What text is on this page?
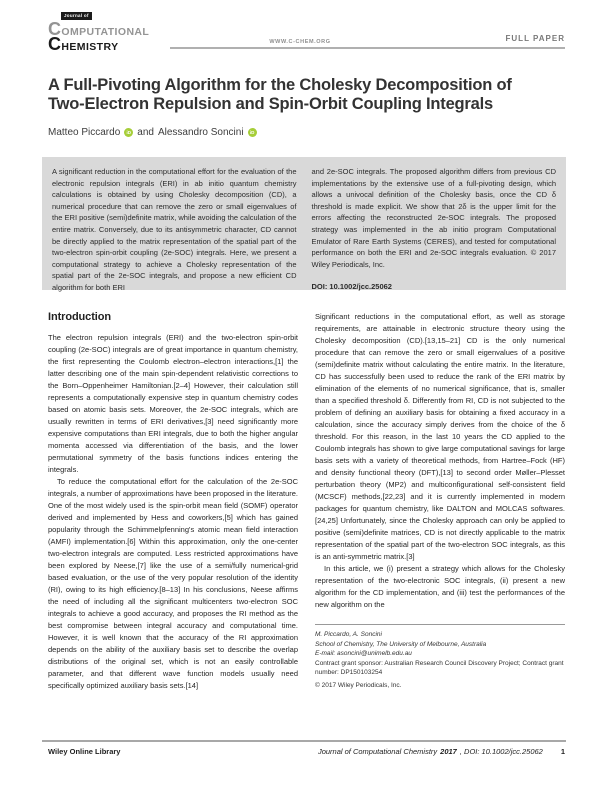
Journal of
COMPUTATIONAL
CHEMISTRY	WWW.C-CHEM.ORG	FULL PAPER
A Full-Pivoting Algorithm for the Cholesky Decomposition of
Two-Electron Repulsion and Spin-Orbit Coupling Integrals
Matteo Piccardo	iD and Alessandro Soncini	iD
A significant reduction in the computational effort for the evaluation of the electronic repulsion integrals (ERI) in ab initio quantum chemistry calculations is obtained by using Cholesky decomposition (CD), a numerical procedure that can remove the zero or small eigenvalues of the ERI positive (semi)definite matrix, while avoiding the calculation of the entire matrix. Conversely, due to its antisymmetric character, CD cannot be directly applied to the matrix representation of the spatial part of the two-electron spin-orbit coupling (2e-SOC) integrals. Here, we present a computational strategy to achieve a Cholesky representation of the spatial part of the 2e-SOC integrals, and propose a new efficient CD algorithm for both ERI
and 2e-SOC integrals. The proposed algorithm differs from previous CD implementations by the extensive use of a full-pivoting design, which allows a univocal definition of the Cholesky basis, once the CD δ threshold is made explicit. We show that 2δ is the upper limit for the errors affecting the reconstructed 2e-SOC integrals. The proposed strategy was implemented in the ab initio program Computational Emulator of Rare Earth Systems (CERES), and tested for computational performance on both the ERI and 2e-SOC integrals evaluation. © 2017 Wiley Periodicals, Inc.
DOI: 10.1002/jcc.25062
Introduction
The electron repulsion integrals (ERI) and the two-electron spin-orbit coupling (2e-SOC) integrals are of great importance in quantum chemistry, the first representing the Coulomb electron–electron interactions,[1] the latter describing one of the main spin-dependent relativistic corrections to the Born–Oppenheimer Hamiltonian.[2–4] However, their calculation still represents a computationally expensive step in quantum chemistry codes based on atomic basis sets. Moreover, the 2e-SOC integrals, which are usually rewritten in terms of ERI derivatives,[3] need significantly more expensive computations than ERI integrals, due to both the higher angular momenta accessed via differentiation of the basis, and the lower permutational symmetry of the basis functions indices entering the integrals.
To reduce the computational effort for the calculation of the 2e-SOC integrals, a number of approximations have been proposed in the literature. One of the most widely used is the spin-orbit mean field (SOMF) operator derived and implemented by Hess and coworkers,[5] which has gained popularity through the Schimmelpfenning's atomic mean field interaction (AMFI) implementation.[6] Within this approximation, only the one-center two-electron integrals are computed. Less restricted approximations have been explored by Neese,[7] like the use of a semi/fully numerical-grid based evaluation, or the use of the very popular resolution of the identity (RI), owing to its high efficiency.[8–13] In his conclusions, Neese affirms the need of including all the significant multicenters two-electron SOC integrals to achieve a good accuracy, and proposes the RI method as the best compromise between integral accuracy and computational time. However, it is well known that the accuracy of the RI approximation depends on the ability of the auxiliary basis set to describe the overlap distributions of the original set, which is not an easily controllable parameter, and that different wave function models usually need specifically optimized auxiliary basis sets.[14]
Significant reductions in the computational effort, as well as storage requirements, are attainable in electronic structure theory using the Cholesky decomposition (CD).[13,15–21] CD is the only numerical procedure that can remove the zero or small eigenvalues of a positive (semi)definite matrix without calculating the entire matrix. In the literature, CD has successfully been used to reduce the rank of the ERI matrix by elimination of the elements of no numerical significance, that is, smaller than a specified threshold δ. Differently from RI, CD is not subjected to the problem of defining an auxiliary basis for obtaining a fixed accuracy in a calculation, since the accuracy simply derives from the choice of the δ threshold. For this reason, in the last 10 years the CD applied to the Coulomb integrals has shown to give large computational savings for large basis sets with a variety of theoretical methods, from Hartree–Fock (HF) and density functional theory (DFT),[13] to second order Møller–Plesset perturbation theory (MP2) and multiconfigurational self-consistent field (MCSCF) methods,[22,23] and it is currently implemented in modern packages for quantum chemistry, like DALTON and MOLCAS softwares.[24,25] Unfortunately, since the Cholesky approach can only be applied to positive (semi)definite matrices, CD is not directly applicable to the matrix representation of the spatial part of the two-electron SOC integrals, as this is an anti-symmetric matrix.[3]
In this article, we (i) present a strategy which allows for the Cholesky representation of the two-electronic SOC integrals, (ii) present a new algorithm for the CD implementation, and (iii) test the performances of the new algorithm on the
M. Piccardo, A. Soncini
School of Chemistry, The University of Melbourne, Australia
E-mail: asoncini@unimelb.edu.au
Contract grant sponsor: Australian Research Council Discovery Project; Contract grant number: DP150103254
© 2017 Wiley Periodicals, Inc.
Wiley Online Library	Journal of Computational Chemistry 2017 , DOI: 10.1002/jcc.25062 1
